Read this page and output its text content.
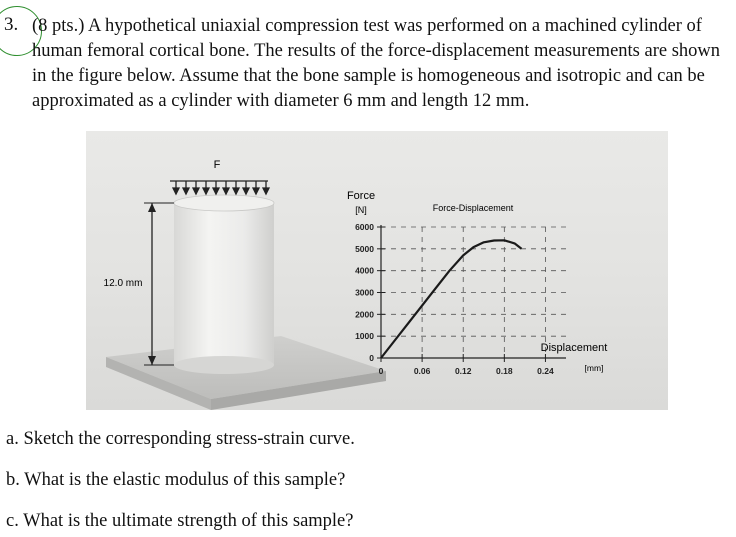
3. (8 pts.) A hypothetical uniaxial compression test was performed on a machined cylinder of
human femoral cortical bone. The results of the force-displacement measurements are shown
in the figure below. Assume that the bone sample is homogeneous and isotropic and can be
approximated as a cylinder with diameter 6 mm and length 12 mm.
F
12.0 mm
0
1000
2000
3000
4000
5000
6000
0	0.06	0.12	0.18	0.24
Force-Displacement
Force
[N]
Displacement
[mm]
a. Sketch the corresponding stress-strain curve.
b. What is the elastic modulus of this sample?
c. What is the ultimate strength of this sample?
